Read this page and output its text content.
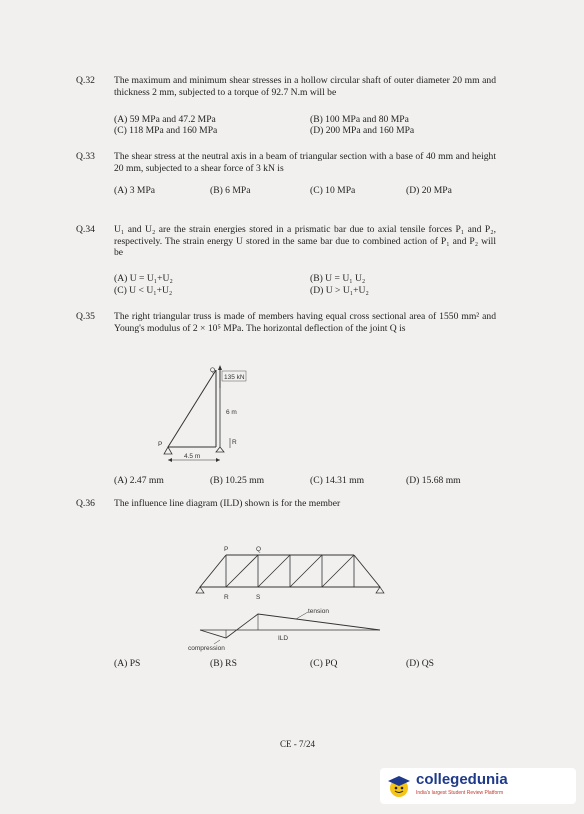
Q.32	The maximum and minimum shear stresses in a hollow circular shaft of outer diameter 20 mm and thickness 2 mm, subjected to a torque of 92.7 N.m will be
(A) 59 MPa and 47.2 MPa	(B) 100 MPa and 80 MPa
(C) 118 MPa and 160 MPa	(D) 200 MPa and 160 MPa
Q.33	The shear stress at the neutral axis in a beam of triangular section with a base of 40 mm and height 20 mm, subjected to a shear force of 3 kN is
(A) 3 MPa	(B) 6 MPa	(C) 10 MPa	(D) 20 MPa
Q.34	U₁ and U₂ are the strain energies stored in a prismatic bar due to axial tensile forces P₁ and P₂, respectively. The strain energy U stored in the same bar due to combined action of P₁ and P₂ will be
(A) U = U₁+U₂	(B) U = U₁ U₂
(C) U < U₁+U₂	(D) U > U₁+U₂
Q.35	The right triangular truss is made of members having equal cross sectional area of 1550 mm² and Young's modulus of 2 × 10⁵ MPa. The horizontal deflection of the joint Q is
135 kN
6 m
4.5 m
Q
P	R
(A) 2.47 mm	(B) 10.25 mm	(C) 14.31 mm	(D) 15.68 mm
Q.36	The influence line diagram (ILD) shown is for the member
P	Q
R	S
tension
compression
ILD
(A) PS	(B) RS	(C) PQ	(D) QS
CE - 7/24
collegedunia
India's largest Student Review Platform
